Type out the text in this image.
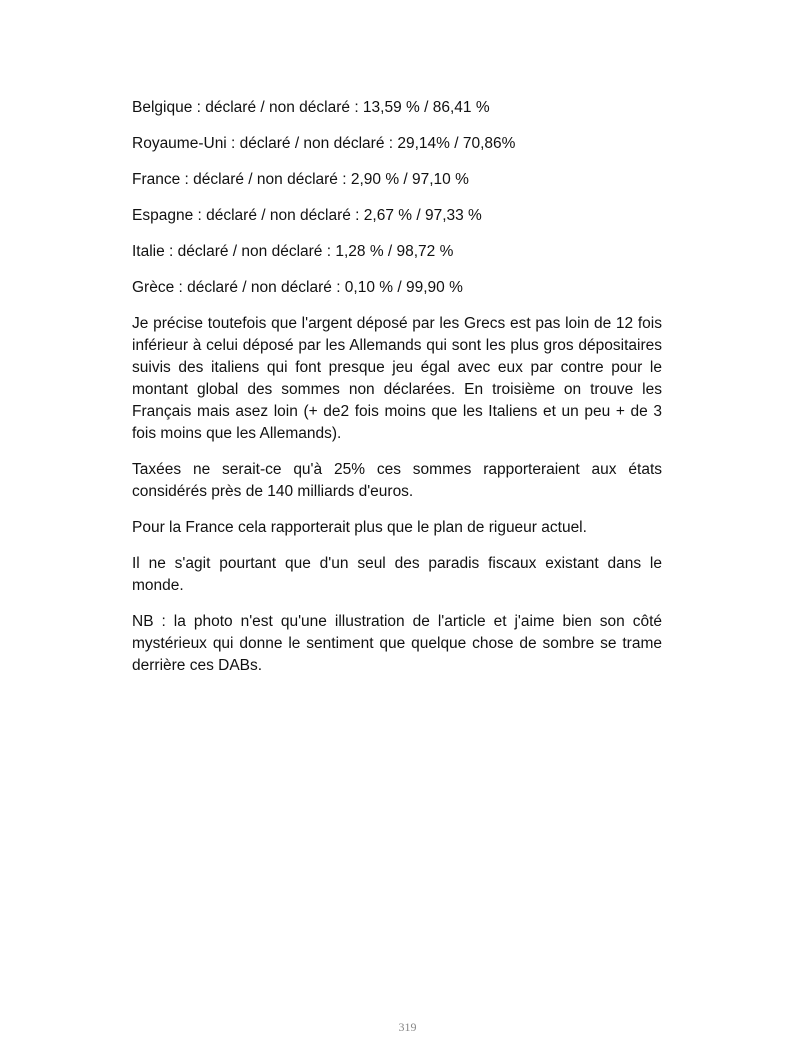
Belgique : déclaré / non déclaré : 13,59 % / 86,41 %

Royaume-Uni : déclaré / non déclaré : 29,14% / 70,86%

France : déclaré / non déclaré : 2,90 % / 97,10 %

Espagne : déclaré / non déclaré : 2,67 % / 97,33 %

Italie : déclaré / non déclaré : 1,28 % / 98,72 %

Grèce : déclaré / non déclaré : 0,10 % / 99,90 %

Je précise toutefois que l'argent déposé par les Grecs est pas loin de 12 fois inférieur à celui déposé par les Allemands qui sont les plus gros dépositaires suivis des italiens qui font presque jeu égal avec eux par contre pour le montant global des sommes non déclarées. En troisième on trouve les Français mais asez loin (+ de2 fois moins que les Italiens et un peu + de 3 fois moins que les Allemands).

Taxées ne serait-ce qu'à 25% ces sommes rapporteraient aux états considérés près de 140 milliards d'euros.

Pour la France cela rapporterait plus que le plan de rigueur actuel.

Il ne s'agit pourtant que d'un seul des paradis fiscaux existant dans le monde.

NB : la photo n'est qu'une illustration de l'article et j'aime bien son côté mystérieux qui donne le sentiment que quelque chose de sombre se trame derrière ces DABs.

319
